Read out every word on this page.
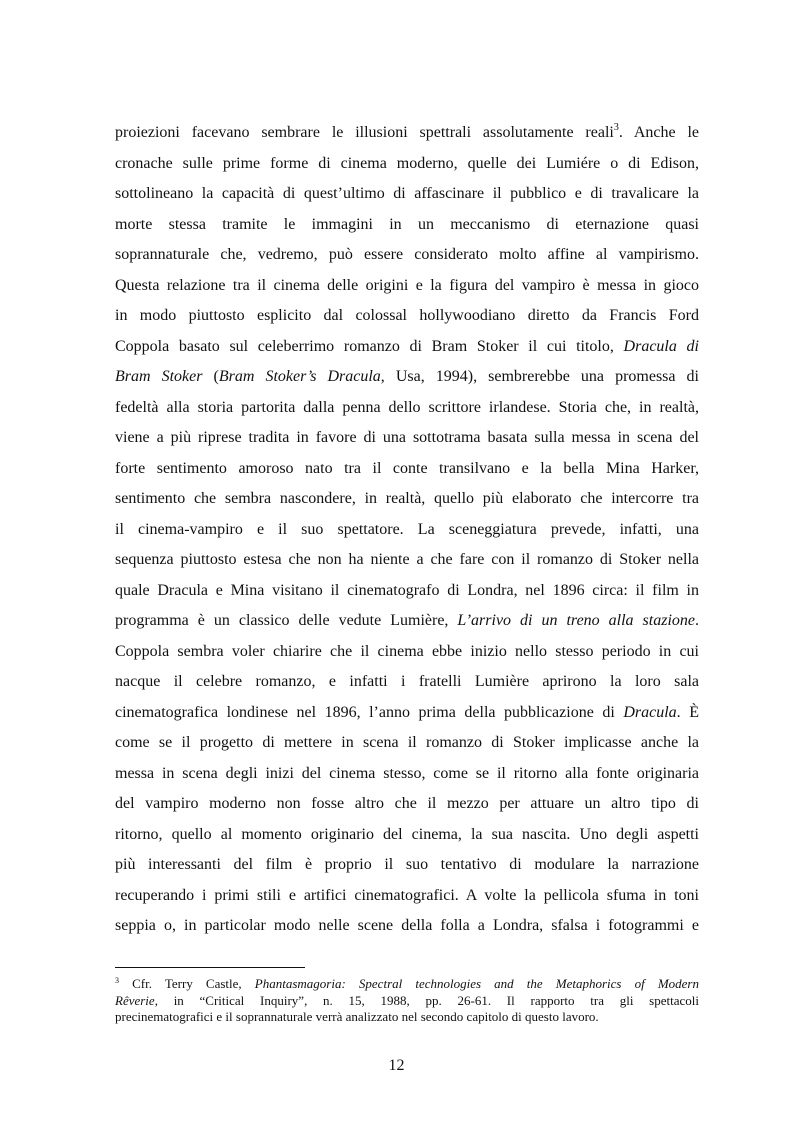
proiezioni facevano sembrare le illusioni spettrali assolutamente reali$^3$. Anche le
cronache sulle prime forme di cinema moderno, quelle dei Lumiére o di Edison,
sottolineano la capacità di quest’ultimo di affascinare il pubblico e di travalicare la
morte stessa tramite le immagini in un meccanismo di eternazione quasi
soprannaturale che, vedremo, può essere considerato molto affine al vampirismo.
Questa relazione tra il cinema delle origini e la figura del vampiro è messa in gioco
in modo piuttosto esplicito dal colossal hollywoodiano diretto da Francis Ford
Coppola basato sul celeberrimo romanzo di Bram Stoker il cui titolo, Dracula di
Bram Stoker (Bram Stoker’s Dracula, Usa, 1994), sembrerebbe una promessa di
fedeltà alla storia partorita dalla penna dello scrittore irlandese. Storia che, in realtà,
viene a più riprese tradita in favore di una sottotrama basata sulla messa in scena del
forte sentimento amoroso nato tra il conte transilvano e la bella Mina Harker,
sentimento che sembra nascondere, in realtà, quello più elaborato che intercorre tra
il cinema-vampiro e il suo spettatore. La sceneggiatura prevede, infatti, una
sequenza piuttosto estesa che non ha niente a che fare con il romanzo di Stoker nella
quale Dracula e Mina visitano il cinematografo di Londra, nel 1896 circa: il film in
programma è un classico delle vedute Lumière, L’arrivo di un treno alla stazione.
Coppola sembra voler chiarire che il cinema ebbe inizio nello stesso periodo in cui
nacque il celebre romanzo, e infatti i fratelli Lumière aprirono la loro sala
cinematografica londinese nel 1896, l’anno prima della pubblicazione di Dracula. È
come se il progetto di mettere in scena il romanzo di Stoker implicasse anche la
messa in scena degli inizi del cinema stesso, come se il ritorno alla fonte originaria
del vampiro moderno non fosse altro che il mezzo per attuare un altro tipo di
ritorno, quello al momento originario del cinema, la sua nascita. Uno degli aspetti
più interessanti del film è proprio il suo tentativo di modulare la narrazione
recuperando i primi stili e artifici cinematografici. A volte la pellicola sfuma in toni
seppia o, in particolar modo nelle scene della folla a Londra, sfalsa i fotogrammi e
$^3$ Cfr. Terry Castle, Phantasmagoria: Spectral technologies and the Metaphorics of Modern
Rêverie, in “Critical Inquiry”, n. 15, 1988, pp. 26-61. Il rapporto tra gli spettacoli
precinematografici e il soprannaturale verrà analizzato nel secondo capitolo di questo lavoro.
12
